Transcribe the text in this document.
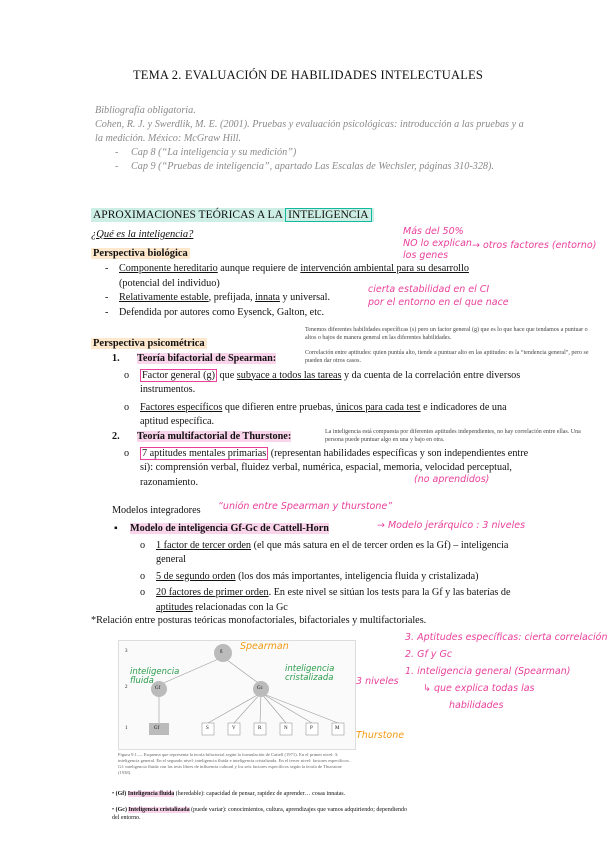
TEMA 2. EVALUACIÓN DE HABILIDADES INTELECTUALES
Bibliografía obligatoria.
Cohen, R. J. y Swerdlik, M. E. (2001). Pruebas y evaluación psicológicas: introducción a las pruebas y a la medición. México: McGraw Hill.
- Cap 8 (“La inteligencia y su medición”)
- Cap 9 (“Pruebas de inteligencia”, apartado Las Escalas de Wechsler, páginas 310-328).
APROXIMACIONES TEÓRICAS A LA INTELIGENCIA
¿Qué es la inteligencia?
Perspectiva biológica
- Componente hereditario aunque requiere de intervención ambiental para su desarrollo (potencial del individuo)
- Relativamente estable, prefijada, innata y universal.
- Defendida por autores como Eysenck, Galton, etc.
Perspectiva psicométrica
Tenemos diferentes habilidades específicas (s) pero un factor general (g) que es lo que hace que tendamos a puntuar o altos o bajos de manera general en las diferentes habilidades.
Correlación entre aptitudes: quien puntúa alto, tiende a puntuar alto en las aptitudes: es la “tendencia general”, pero se pueden dar otros casos.
1. Teoría bifactorial de Spearman:
o Factor general (g) que subyace a todos las tareas y da cuenta de la correlación entre diversos instrumentos.
o Factores específicos que difieren entre pruebas, únicos para cada test e indicadores de una aptitud específica.
La inteligencia está compuesta por diferentes aptitudes independientes, no hay correlación entre ellas. Una persona puede puntuar algo en una y bajo en otra.
2. Teoría multifactorial de Thurstone:
o 7 aptitudes mentales primarias (representan habilidades específicas y son independientes entre sí): comprensión verbal, fluidez verbal, numérica, espacial, memoria, velocidad perceptual, razonamiento.	(no aprendidos)
Modelos integradores “unión entre Spearman y thurstone”
▪ Modelo de inteligencia Gf-Gc de Cattell-Horn
o 1 factor de tercer orden (el que más satura en el de tercer orden es la Gf) – inteligencia general
o 5 de segundo orden (los dos más importantes, inteligencia fluida y cristalizada)
o 20 factores de primer orden. En este nivel se sitúan los tests para la Gf y las baterías de aptitudes relacionadas con la Gc
→ Modelo jerárquico : 3 niveles
*Relación entre posturas teóricas monofactoriales, bifactoriales y multifactoriales.
3
2
1
g
Gf	Gc
Gf	S	V	R	N	P	M
Figura 9.1.— Esquema que representa la teoría bifactorial según la formulación de Cattell (1971). En el primer nivel: 3: inteligencia general. En el segundo nivel: inteligencia fluida e inteligencia cristalizada. En el tercer nivel: factores específicos. Gf: inteligencia fluida con las tests libres de influencia cultural y los seis factores específicos según la teoría de Thurstone (1938).
Spearman
inteligencia fluida
inteligencia cristalizada
Thurstone
3 niveles
3. Aptitudes específicas: cierta correlación
2. Gf y Gc
1. inteligencia general (Spearman)
↳ que explica todas las
habilidades
Más del 50%
NO lo explican
los genes
→ otros factores (entorno)
cierta estabilidad en el CI
por el entorno en el que nace
• (Gf) Inteligencia fluida (heredable): capacidad de pensar, rapidez de aprender… cosas innatas.
• (Gc) Inteligencia cristalizada (puede variar): conocimientos, cultura, aprendizajes que vamos adquiriendo; dependiendo del entorno.
